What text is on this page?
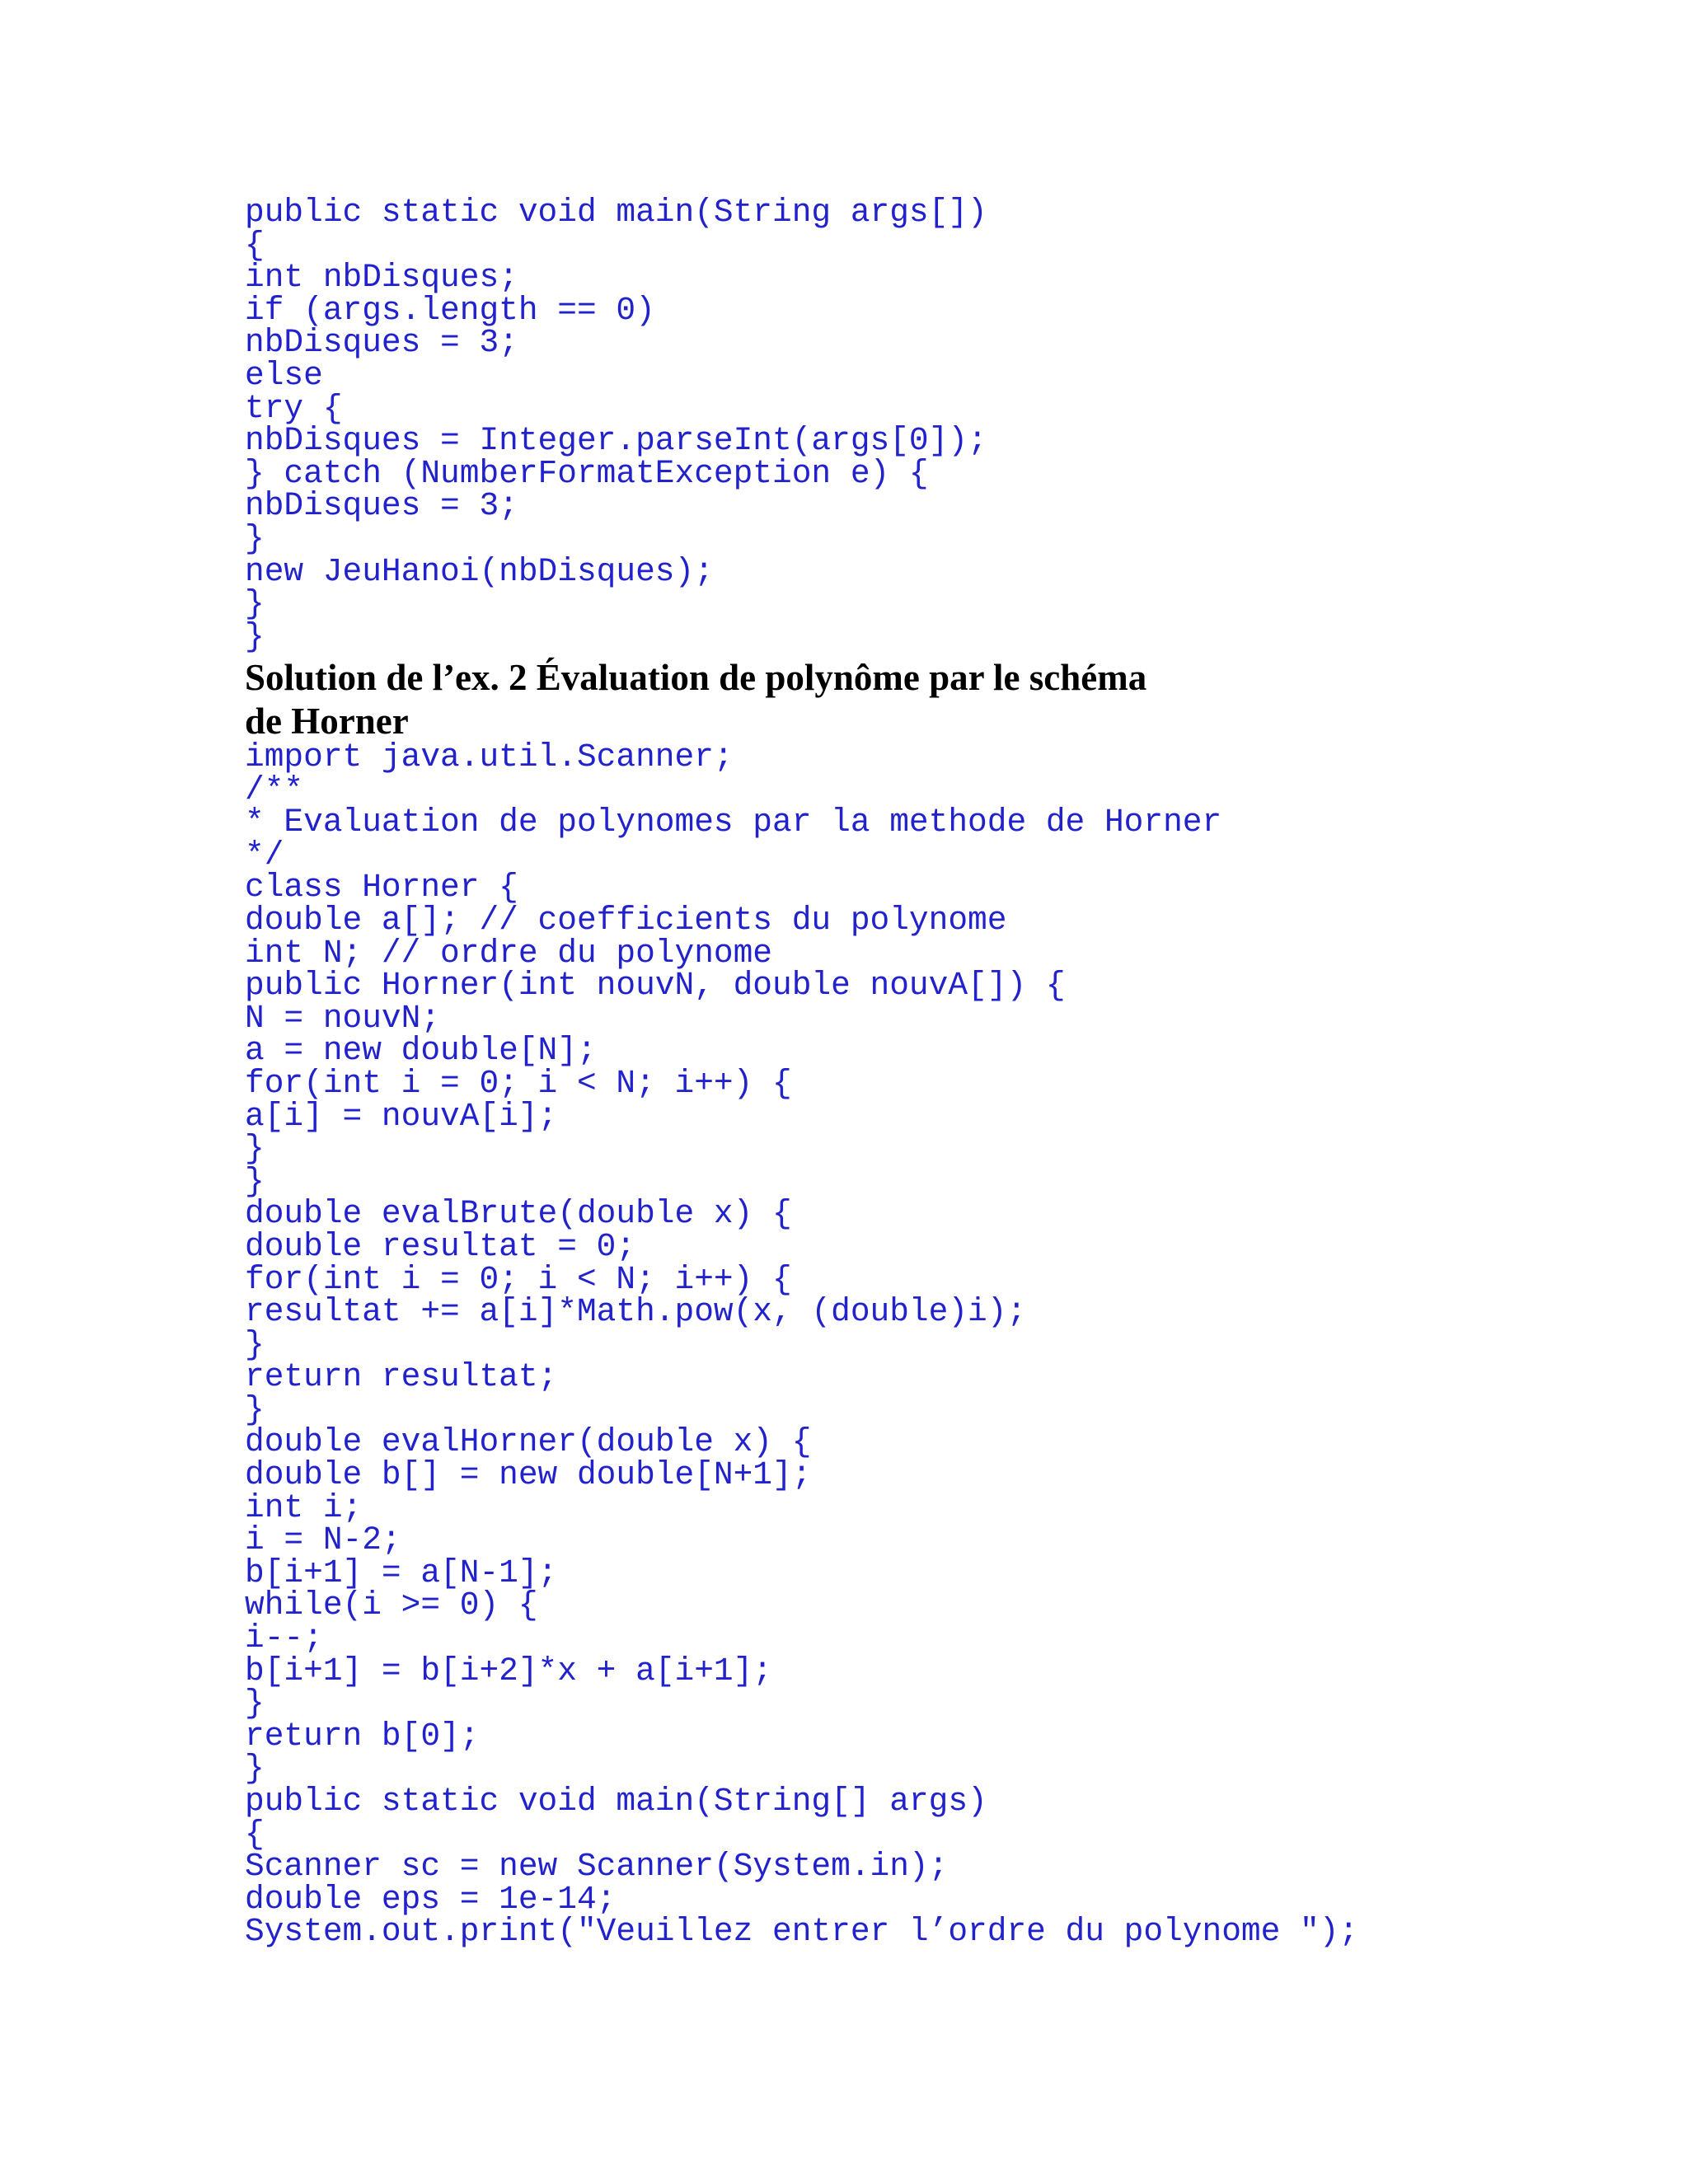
public static void main(String args[])
{
int nbDisques;
if (args.length == 0)
nbDisques = 3;
else
try {
nbDisques = Integer.parseInt(args[0]);
} catch (NumberFormatException e) {
nbDisques = 3;
}
new JeuHanoi(nbDisques);
}
}
Solution de l’ex. 2 Évaluation de polynôme par le schéma de Horner
import java.util.Scanner;
/**
* Evaluation de polynomes par la methode de Horner
*/
class Horner {
double a[]; // coefficients du polynome
int N; // ordre du polynome
public Horner(int nouvN, double nouvA[]) {
N = nouvN;
a = new double[N];
for(int i = 0; i < N; i++) {
a[i] = nouvA[i];
}
}
double evalBrute(double x) {
double resultat = 0;
for(int i = 0; i < N; i++) {
resultat += a[i]*Math.pow(x, (double)i);
}
return resultat;
}
double evalHorner(double x) {
double b[] = new double[N+1];
int i;
i = N-2;
b[i+1] = a[N-1];
while(i >= 0) {
i--;
b[i+1] = b[i+2]*x + a[i+1];
}
return b[0];
}
public static void main(String[] args)
{
Scanner sc = new Scanner(System.in);
double eps = 1e-14;
System.out.print("Veuillez entrer l’ordre du polynome ");
